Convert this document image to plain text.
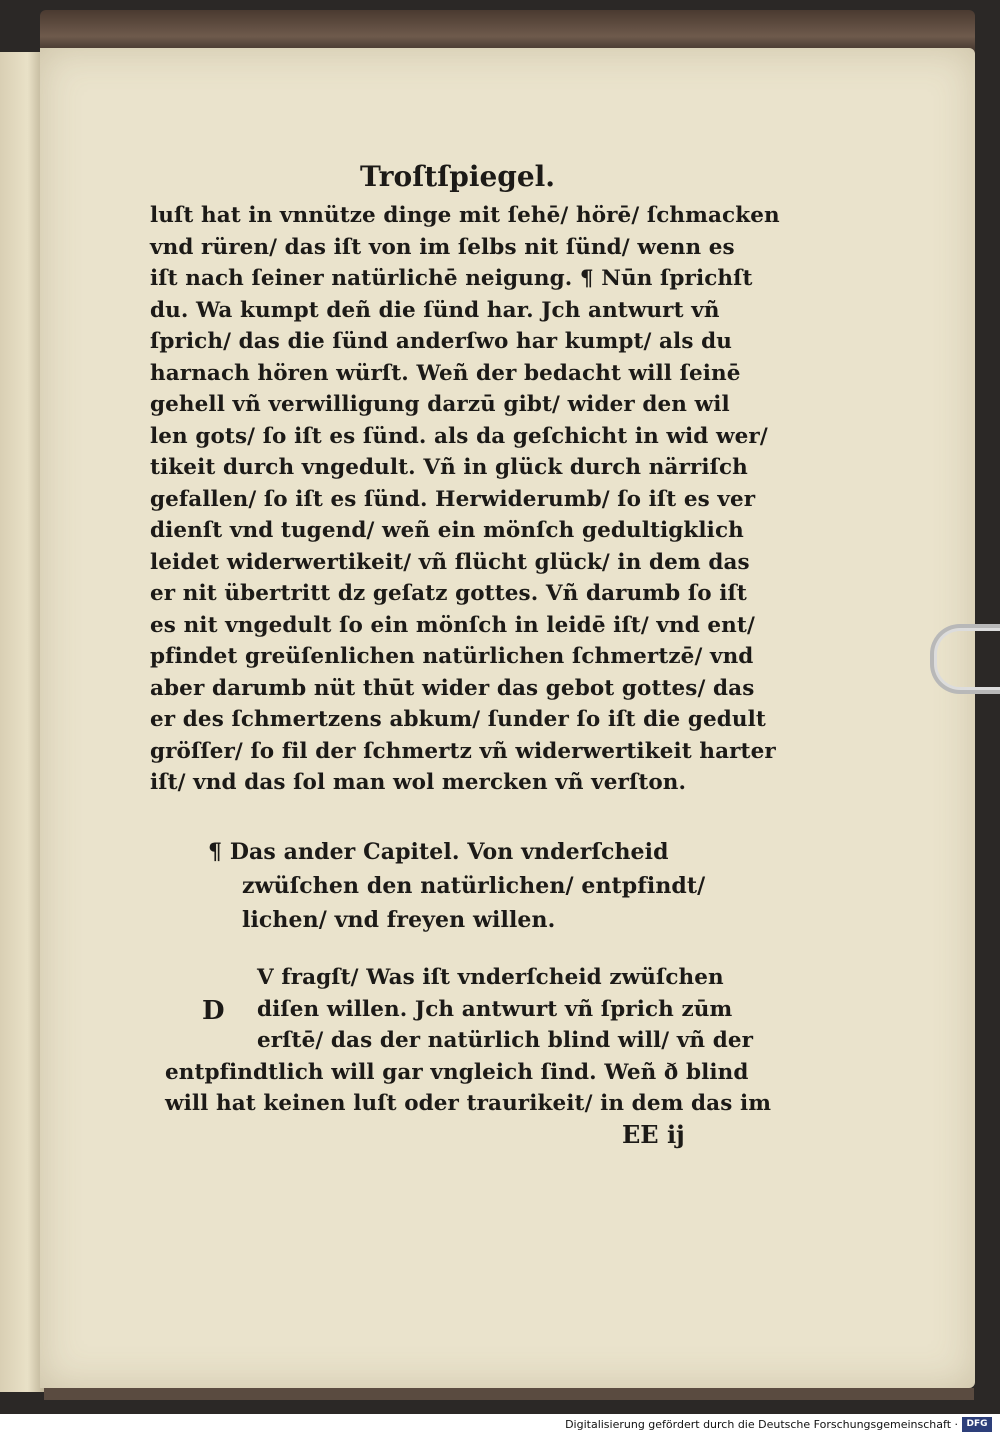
Troſtſpiegel.
luſt hat in vnnütze dinge mit ſehē/ hörē/ ſchmacken
vnd rüren/ das iſt von im ſelbs nit ſünd/ wenn es
iſt nach ſeiner natürlichē neigung. ¶ Nūn ſprichſt
du. Wa kumpt deñ die ſünd har. Jch antwurt vñ
ſprich/ das die ſünd anderſwo har kumpt/ als du
harnach hören würſt. Weñ der bedacht will ſeinē
gehell vñ verwilligung darzū gibt/ wider den wil
len gots/ ſo iſt es ſünd. als da geſchicht in wid wer/
tikeit durch vngedult. Vñ in glück durch närriſch
gefallen/ ſo iſt es ſünd. Herwiderumb/ ſo iſt es ver
dienſt vnd tugend/ weñ ein mönſch gedultigklich
leidet widerwertikeit/ vñ flücht glück/ in dem das
er nit übertritt dz geſatz gottes. Vñ darumb ſo iſt
es nit vngedult ſo ein mönſch in leidē iſt/ vnd ent/
pfindet greüſenlichen natürlichen ſchmertzē/ vnd
aber darumb nüt thūt wider das gebot gottes/ das
er des ſchmertzens abkum/ ſunder ſo iſt die gedult
gröſſer/ ſo fil der ſchmertz vñ widerwertikeit harter
iſt/ vnd das ſol man wol mercken vñ verſton.
¶ Das ander Capitel. Von vnderſcheid
zwüſchen den natürlichen/ entpfindt/
lichen/ vnd freyen willen.
D
V fragſt/ Was iſt vnderſcheid zwüſchen
diſen willen. Jch antwurt vñ ſprich zūm
erſtē/ das der natürlich blind will/ vñ der
entpfindtlich will gar vngleich ſind. Weñ ð blind
will hat keinen luſt oder traurikeit/ in dem das im
EE ij
Digitalisierung gefördert durch die Deutsche Forschungsgemeinschaft · DFG
